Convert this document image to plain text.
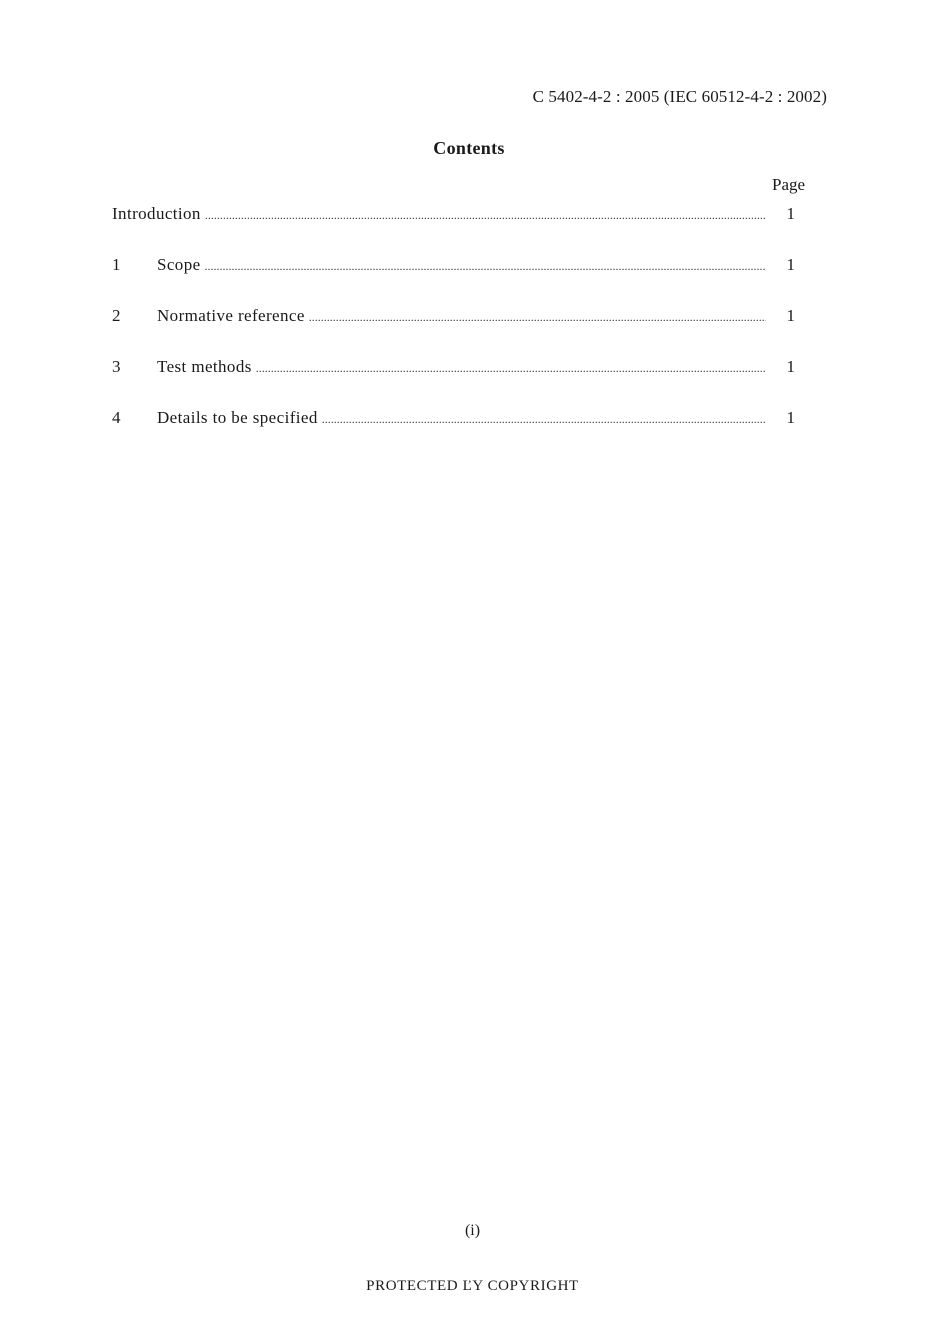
C 5402-4-2 : 2005 (IEC 60512-4-2 : 2002)
Contents
Page
Introduction .....	1
1	Scope .....	1
2	Normative reference .....	1
3	Test methods .....	1
4	Details to be specified .....	1
(i)
PROTECTED ĽY COPYRIGHT
